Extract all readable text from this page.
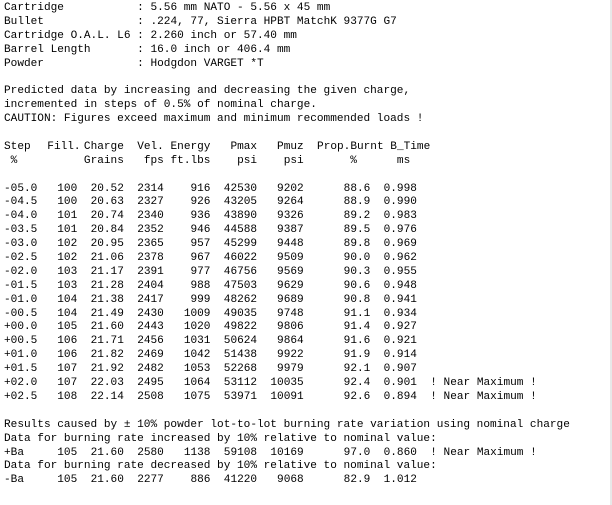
Cartridge           : 5.56 mm NATO - 5.56 x 45 mm
Bullet              : .224, 77, Sierra HPBT MatchK 9377G G7
Cartridge O.A.L. L6 : 2.260 inch or 57.40 mm
Barrel Length       : 16.0 inch or 406.4 mm
Powder              : Hodgdon VARGET *T
Predicted data by increasing and decreasing the given charge,
incremented in steps of 0.5% of nominal charge.
CAUTION: Figures exceed maximum and minimum recommended loads !
Step Fill. Charge Vel. Energy Pmax Pmuz Prop.Burnt B_Time
%	Grains fps ft.lbs psi psi	%	ms
-05.0 100 20.52 2314 916 42530 9202	88.6 0.998
-04.5 100 20.63 2327 926 43205 9264	88.9 0.990
-04.0 101 20.74 2340 936 43890 9326	89.2 0.983
-03.5 101 20.84 2352 946 44588 9387	89.5 0.976
-03.0 102 20.95 2365 957 45299 9448	89.8 0.969
-02.5 102 21.06 2378 967 46022 9509	90.0 0.962
-02.0 103 21.17 2391 977 46756 9569	90.3 0.955
-01.5 103 21.28 2404 988 47503 9629	90.6 0.948
-01.0 104 21.38 2417 999 48262 9689	90.8 0.941
-00.5 104 21.49 2430 1009 49035 9748	91.1 0.934
+00.0 105 21.60 2443 1020 49822 9806	91.4 0.927
+00.5 106 21.71 2456 1031 50624 9864	91.6 0.921
+01.0 106 21.82 2469 1042 51438 9922	91.9 0.914
+01.5 107 21.92 2482 1053 52268 9979	92.1 0.907
+02.0 107 22.03 2495 1064 53112 10035	92.4 0.901 ! Near Maximum !
+02.5 108 22.14 2508 1075 53971 10091	92.6 0.894 ! Near Maximum !
Results caused by ± 10% powder lot-to-lot burning rate variation using nominal charge
Data for burning rate increased by 10% relative to nominal value:
+Ba	105 21.60 2580 1138 59108 10169	97.0 0.860 ! Near Maximum !
Data for burning rate decreased by 10% relative to nominal value:
-Ba	105 21.60 2277 886 41220 9068	82.9 1.012
